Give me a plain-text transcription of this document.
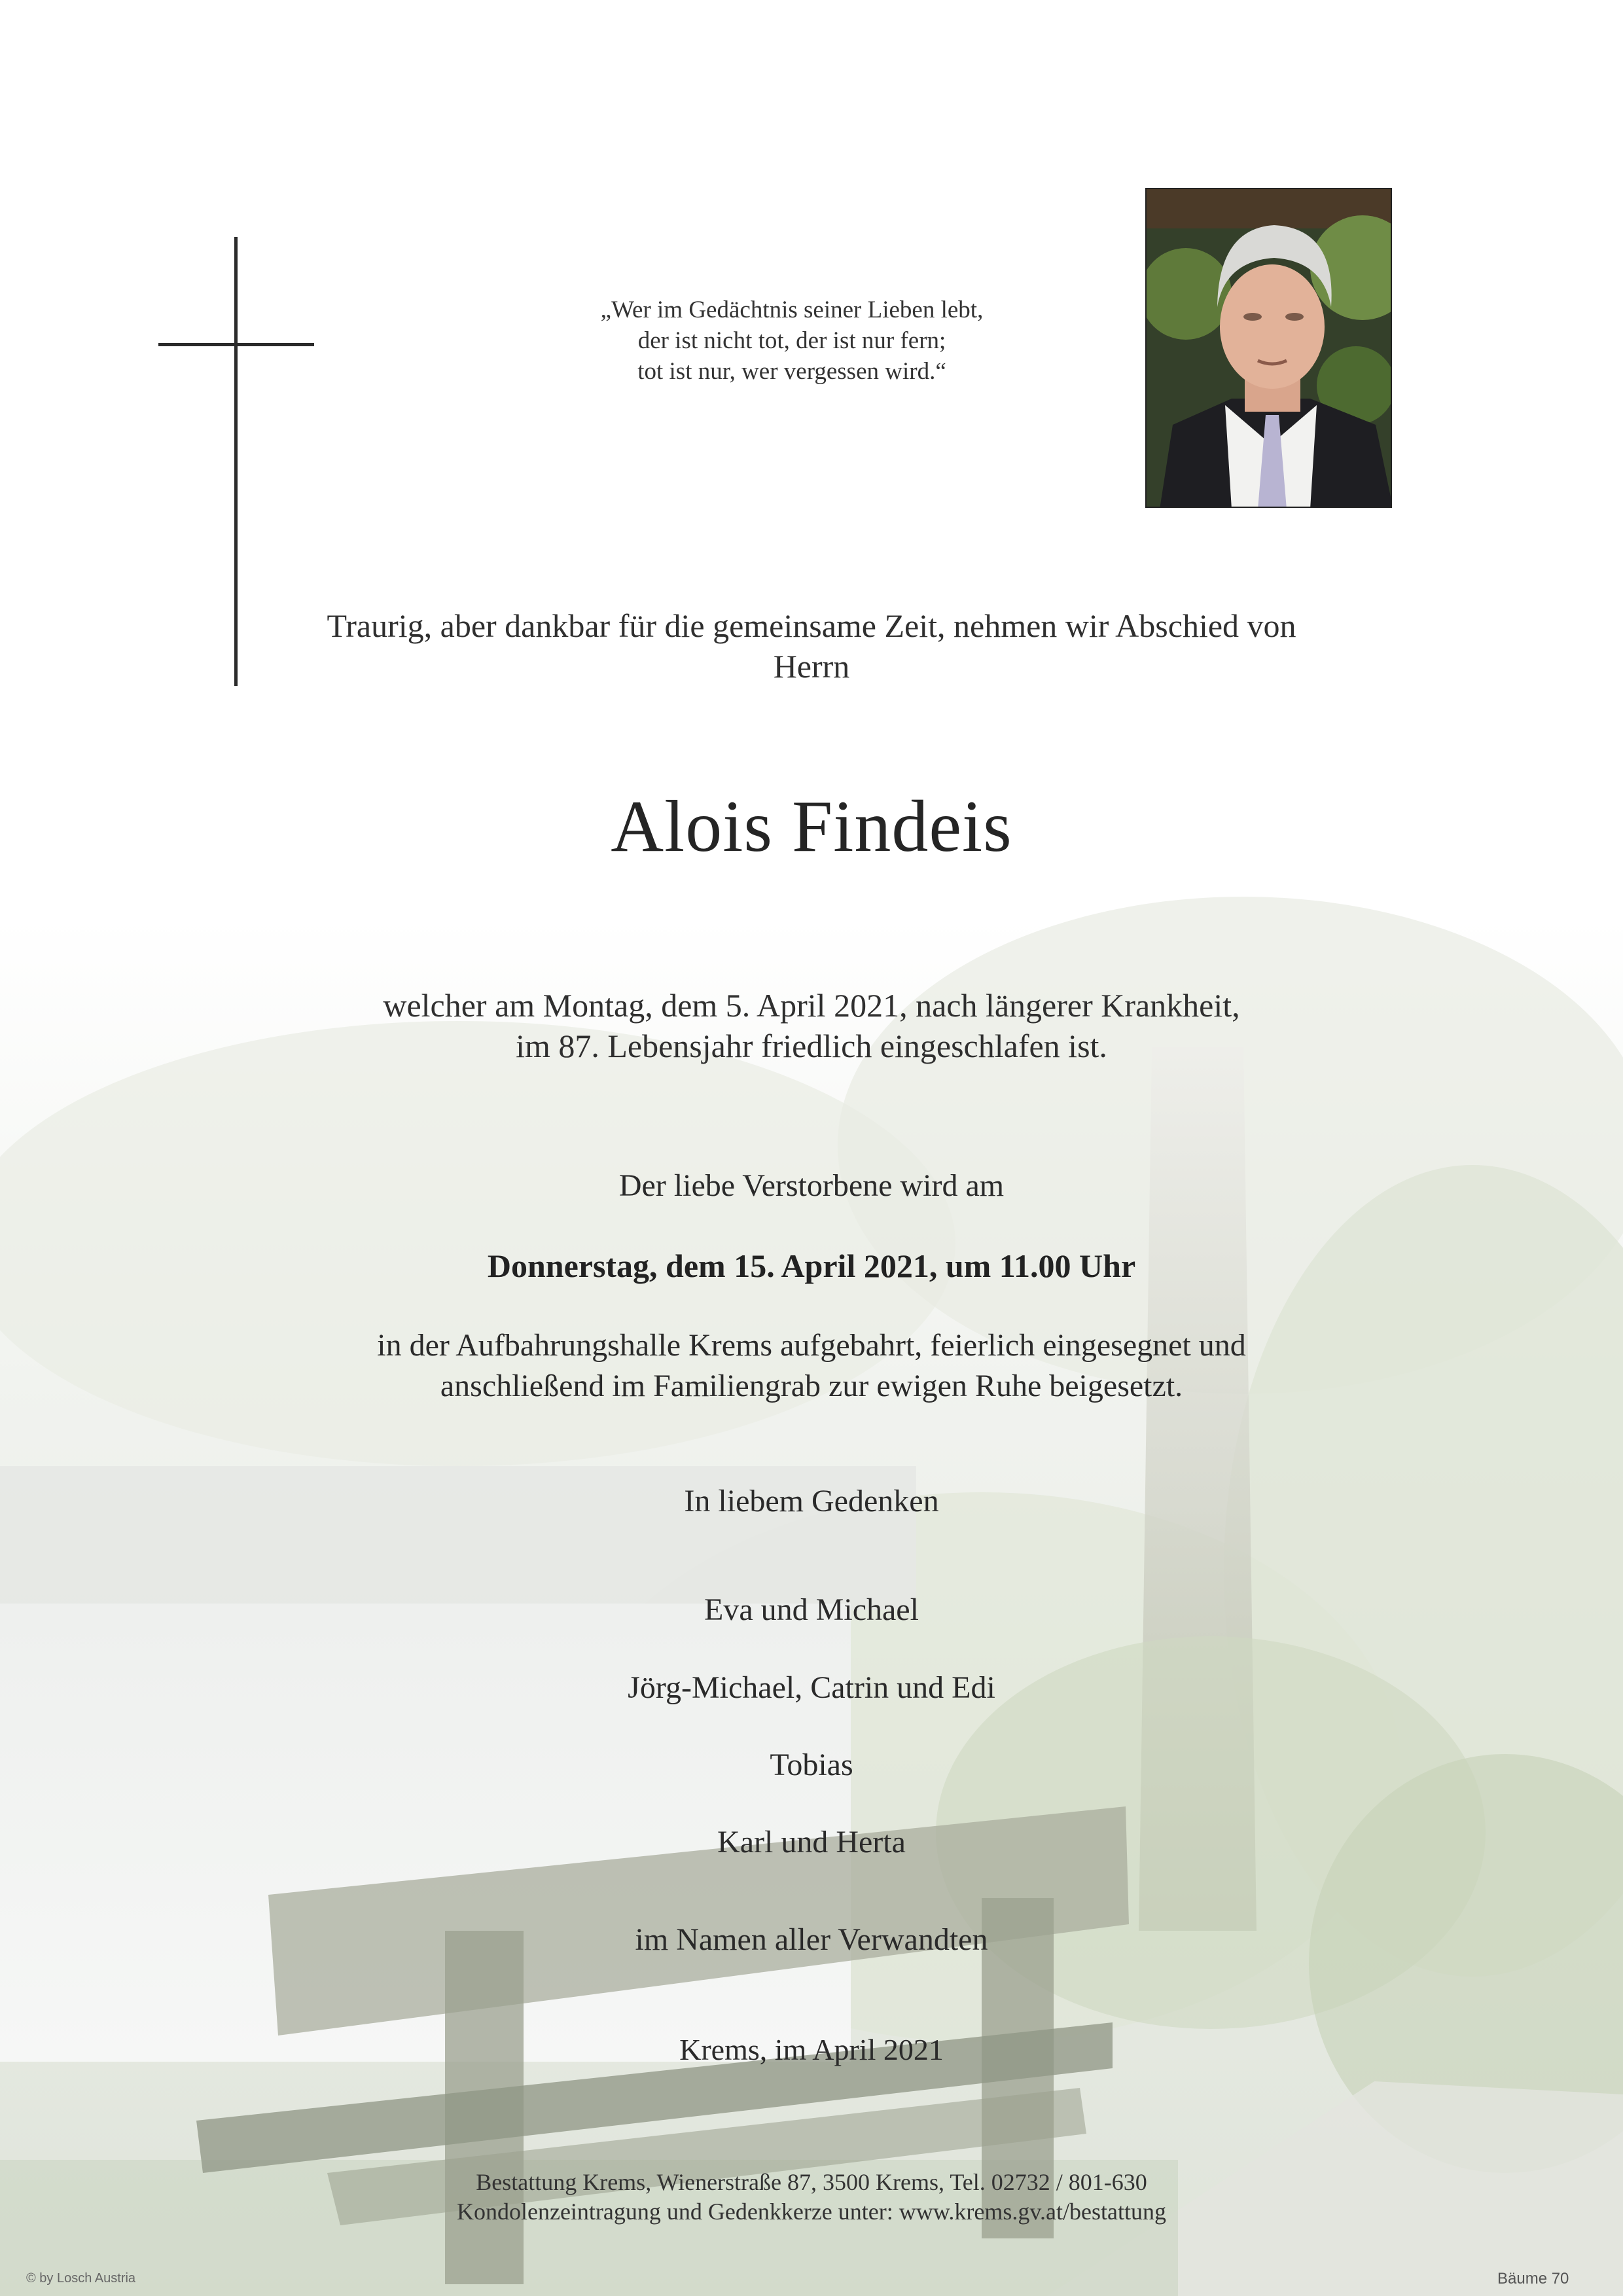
„Wer im Gedächtnis seiner Lieben lebt,
der ist nicht tot, der ist nur fern;
tot ist nur, wer vergessen wird.“
Traurig, aber dankbar für die gemeinsame Zeit, nehmen wir Abschied von
Herrn
Alois Findeis
welcher am Montag, dem 5. April 2021, nach längerer Krankheit,
im 87. Lebensjahr friedlich eingeschlafen ist.
Der liebe Verstorbene wird am
Donnerstag, dem 15. April 2021, um 11.00 Uhr
in der Aufbahrungshalle Krems aufgebahrt, feierlich eingesegnet und
anschließend im Familiengrab zur ewigen Ruhe beigesetzt.
In liebem Gedenken
Eva und Michael
Jörg-Michael, Catrin und Edi
Tobias
Karl und Herta
im Namen aller Verwandten
Krems, im April 2021
Bestattung Krems, Wienerstraße 87, 3500 Krems, Tel. 02732 / 801-630
Kondolenzeintragung und Gedenkkerze unter: www.krems.gv.at/bestattung
© by Losch Austria	Bäume 70
